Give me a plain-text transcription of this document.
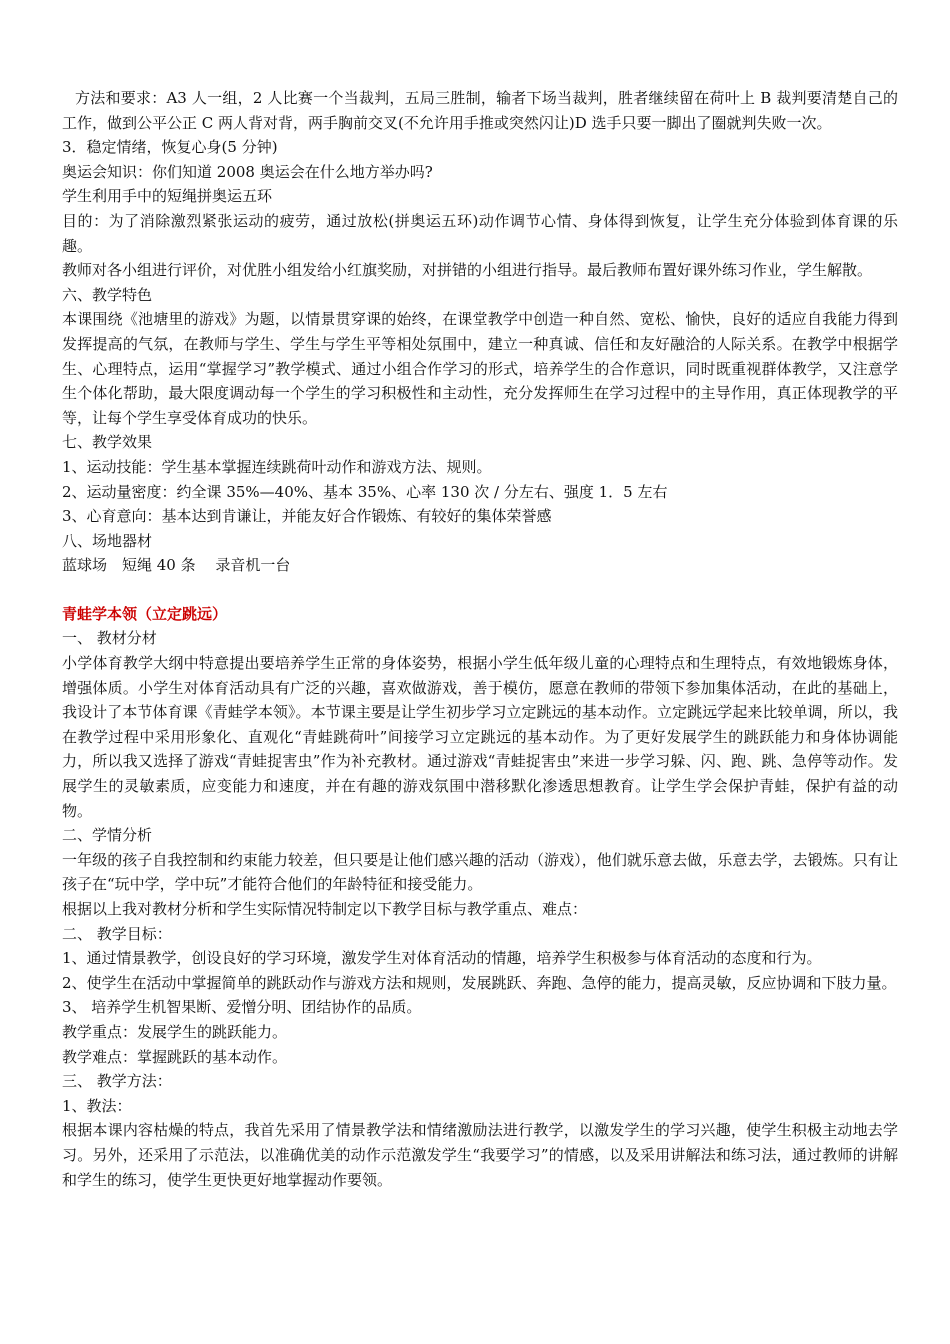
方法和要求：A3 人一组，2 人比赛一个当裁判，五局三胜制，输者下场当裁判，胜者继续留在荷叶上 B 裁判要清楚自己的工作，做到公平公正 C 两人背对背，两手胸前交叉(不允许用手推或突然闪让)D 选手只要一脚出了圈就判失败一次。

3．稳定情绪，恢复心身(5 分钟)

奥运会知识：你们知道 2008 奥运会在什么地方举办吗?

学生利用手中的短绳拼奥运五环

目的：为了消除激烈紧张运动的疲劳，通过放松(拼奥运五环)动作调节心情、身体得到恢复，让学生充分体验到体育课的乐趣。

教师对各小组进行评价，对优胜小组发给小红旗奖励，对拼错的小组进行指导。最后教师布置好课外练习作业，学生解散。

六、教学特色

本课围绕《池塘里的游戏》为题，以情景贯穿课的始终，在课堂教学中创造一种自然、宽松、愉快，良好的适应自我能力得到发挥提高的气氛，在教师与学生、学生与学生平等相处氛围中，建立一种真诚、信任和友好融洽的人际关系。在教学中根据学生、心理特点，运用“掌握学习”教学模式、通过小组合作学习的形式，培养学生的合作意识，同时既重视群体教学，又注意学生个体化帮助，最大限度调动每一个学生的学习积极性和主动性，充分发挥师生在学习过程中的主导作用，真正体现教学的平等，让每个学生享受体育成功的快乐。

七、教学效果

1、运动技能：学生基本掌握连续跳荷叶动作和游戏方法、规则。

2、运动量密度：约全课 35%—40%、基本 35%、心率 130 次 / 分左右、强度 1．5 左右

3、心育意向：基本达到肯谦让，并能友好合作锻炼、有较好的集体荣誉感

八、场地器材

蓝球场　短绳 40 条　 录音机一台

青蛙学本领（立定跳远）

一、 教材分材

小学体育教学大纲中特意提出要培养学生正常的身体姿势，根据小学生低年级儿童的心理特点和生理特点，有效地锻炼身体，增强体质。小学生对体育活动具有广泛的兴趣，喜欢做游戏，善于模仿，愿意在教师的带领下参加集体活动，在此的基础上，我设计了本节体育课《青蛙学本领》。本节课主要是让学生初步学习立定跳远的基本动作。立定跳远学起来比较单调，所以，我在教学过程中采用形象化、直观化“青蛙跳荷叶”间接学习立定跳远的基本动作。为了更好发展学生的跳跃能力和身体协调能力，所以我又选择了游戏“青蛙捉害虫”作为补充教材。通过游戏“青蛙捉害虫”来进一步学习躲、闪、跑、跳、急停等动作。发展学生的灵敏素质，应变能力和速度，并在有趣的游戏氛围中潜移默化渗透思想教育。让学生学会保护青蛙，保护有益的动物。

二、学情分析

一年级的孩子自我控制和约束能力较差，但只要是让他们感兴趣的活动（游戏），他们就乐意去做，乐意去学，去锻炼。只有让孩子在“玩中学，学中玩”才能符合他们的年龄特征和接受能力。

根据以上我对教材分析和学生实际情况特制定以下教学目标与教学重点、难点：

二、 教学目标：

1、通过情景教学，创设良好的学习环境，激发学生对体育活动的情趣，培养学生积极参与体育活动的态度和行为。

2、使学生在活动中掌握简单的跳跃动作与游戏方法和规则，发展跳跃、奔跑、急停的能力，提高灵敏，反应协调和下肢力量。

3、 培养学生机智果断、爱憎分明、团结协作的品质。

教学重点：发展学生的跳跃能力。

教学难点：掌握跳跃的基本动作。

三、 教学方法：

1、教法：

根据本课内容枯燥的特点，我首先采用了情景教学法和情绪激励法进行教学，以激发学生的学习兴趣，使学生积极主动地去学习。另外，还采用了示范法，以准确优美的动作示范激发学生“我要学习”的情感，以及采用讲解法和练习法，通过教师的讲解和学生的练习，使学生更快更好地掌握动作要领。
